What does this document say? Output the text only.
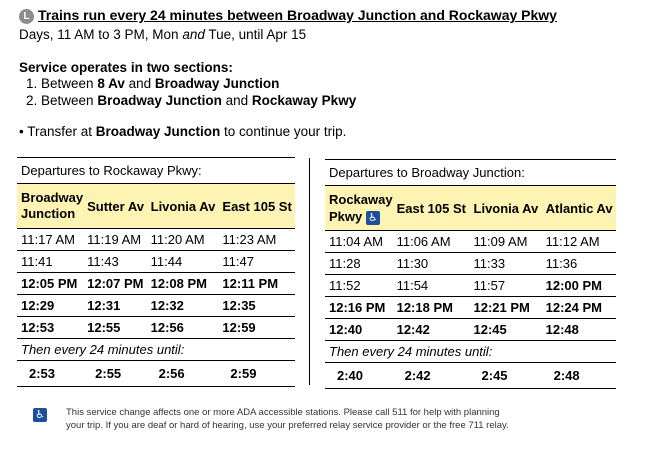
L Trains run every 24 minutes between Broadway Junction and Rockaway Pkwy
Days, 11 AM to 3 PM, Mon and Tue, until Apr 15
Service operates in two sections:
1. Between 8 Av and Broadway Junction
2. Between Broadway Junction and Rockaway Pkwy
• Transfer at Broadway Junction to continue your trip.
Departures to Rockaway Pkwy:			
Broadway Junction	Sutter Av	Livonia Av	East 105 St
11:17 AM	11:19 AM	11:20 AM	11:23 AM
11:41	11:43	11:44	11:47
12:05 PM	12:07 PM	12:08 PM	12:11 PM
12:29	12:31	12:32	12:35
12:53	12:55	12:56	12:59
Then every 24 minutes until:			
2:53	2:55	2:56	2:59
Departures to Broadway Junction:			
Rockaway Pkwy ♿	East 105 St	Livonia Av	Atlantic Av
11:04 AM	11:06 AM	11:09 AM	11:12 AM
11:28	11:30	11:33	11:36
11:52	11:54	11:57	12:00 PM
12:16 PM	12:18 PM	12:21 PM	12:24 PM
12:40	12:42	12:45	12:48
Then every 24 minutes until:			
2:40	2:42	2:45	2:48
♿ This service change affects one or more ADA accessible stations. Please call 511 for help with planning
your trip. If you are deaf or hard of hearing, use your preferred relay service provider or the free 711 relay.
